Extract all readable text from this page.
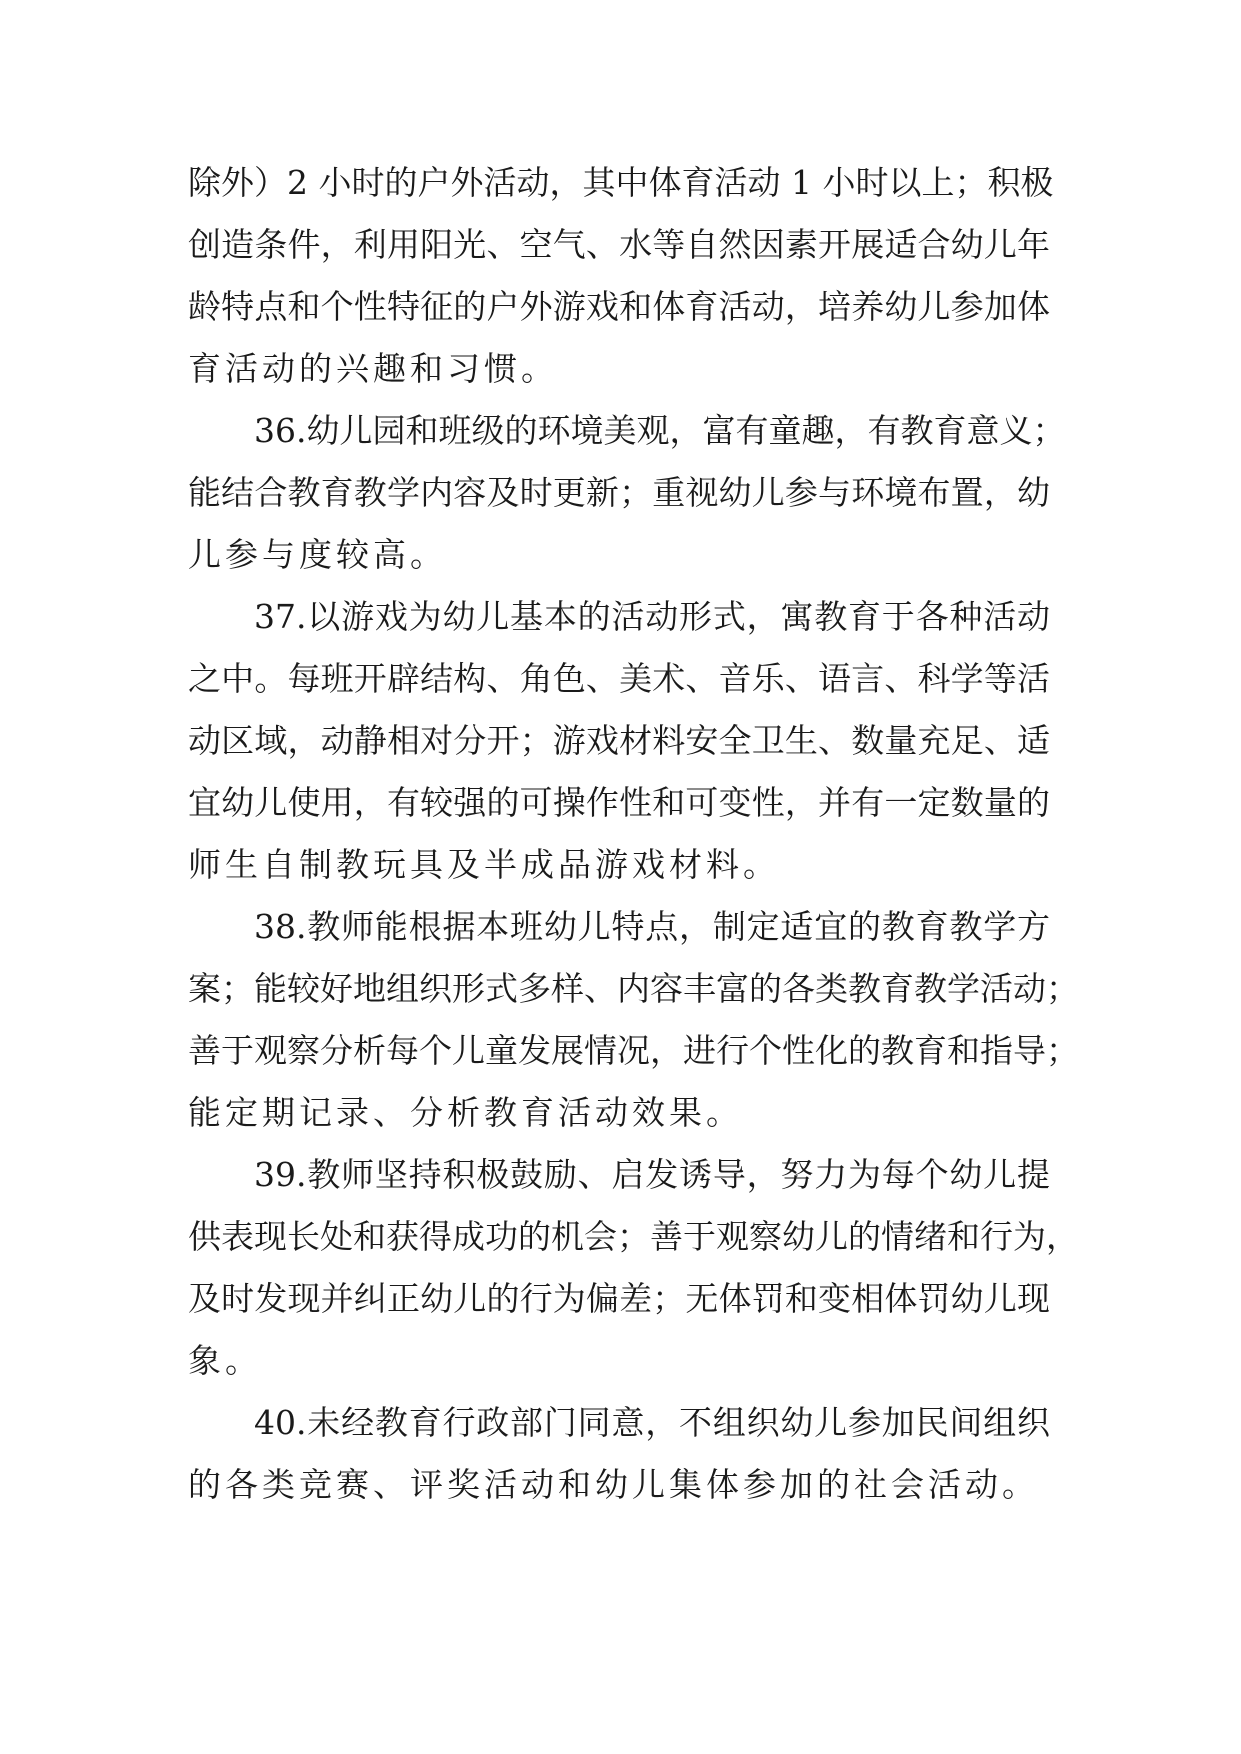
除外）2 小时的户外活动，其中体育活动 1 小时以上；积极
创造条件，利用阳光、空气、水等自然因素开展适合幼儿年
龄特点和个性特征的户外游戏和体育活动，培养幼儿参加体
育活动的兴趣和习惯。
36.幼儿园和班级的环境美观，富有童趣，有教育意义；
能结合教育教学内容及时更新；重视幼儿参与环境布置，幼
儿参与度较高。
37.以游戏为幼儿基本的活动形式，寓教育于各种活动
之中。每班开辟结构、角色、美术、音乐、语言、科学等活
动区域，动静相对分开；游戏材料安全卫生、数量充足、适
宜幼儿使用，有较强的可操作性和可变性，并有一定数量的
师生自制教玩具及半成品游戏材料。
38.教师能根据本班幼儿特点，制定适宜的教育教学方
案；能较好地组织形式多样、内容丰富的各类教育教学活动；
善于观察分析每个儿童发展情况，进行个性化的教育和指导；
能定期记录、分析教育活动效果。
39.教师坚持积极鼓励、启发诱导，努力为每个幼儿提
供表现长处和获得成功的机会；善于观察幼儿的情绪和行为，
及时发现并纠正幼儿的行为偏差；无体罚和变相体罚幼儿现
象。
40.未经教育行政部门同意，不组织幼儿参加民间组织
的各类竞赛、评奖活动和幼儿集体参加的社会活动。
